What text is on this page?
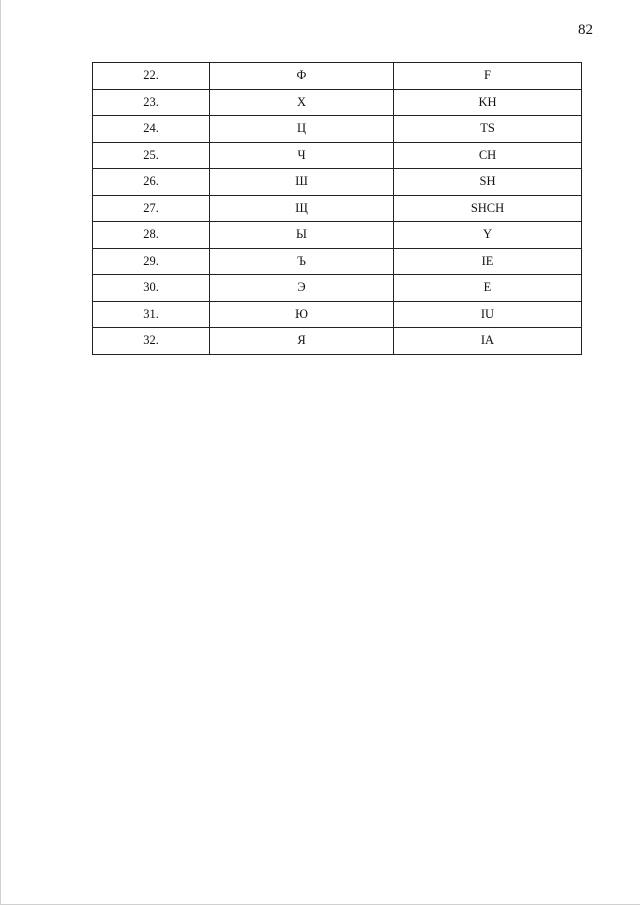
82
22.	Ф	F
23.	Х	KH
24.	Ц	TS
25.	Ч	CH
26.	Ш	SH
27.	Щ	SHCH
28.	Ы	Y
29.	Ъ	IE
30.	Э	E
31.	Ю	IU
32.	Я	IA
